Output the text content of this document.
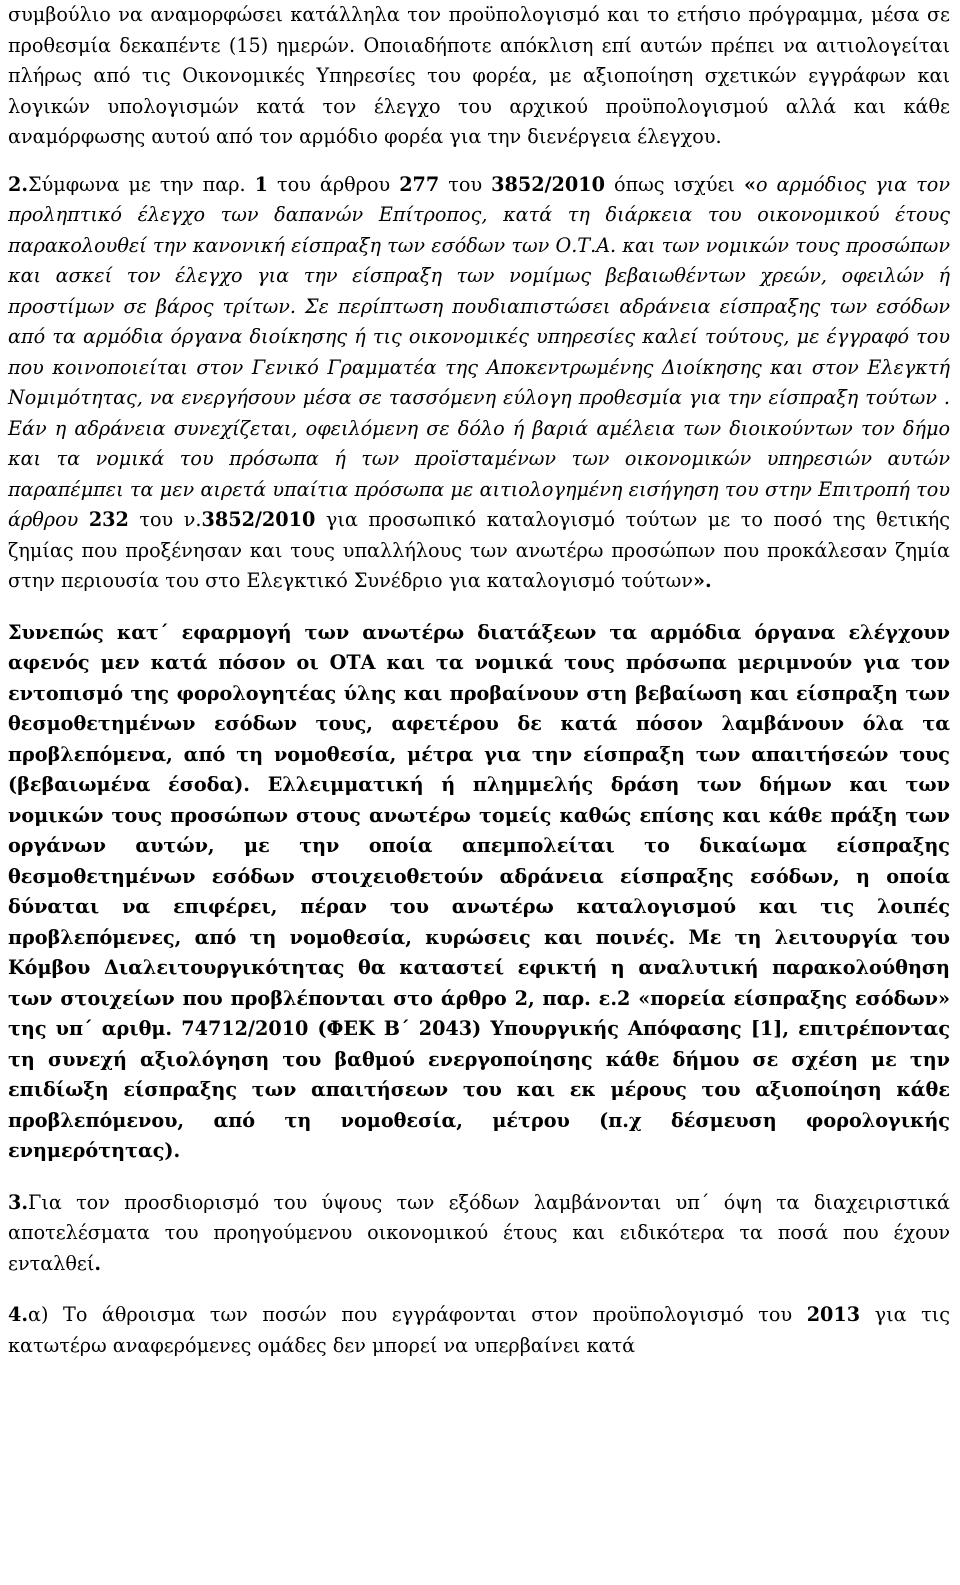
συμβούλιο να αναμορφώσει κατάλληλα τον προϋπολογισμό και το ετήσιο πρόγραμμα, μέσα σε προθεσμία δεκαπέντε (15) ημερών. Οποιαδήποτε απόκλιση επί αυτών πρέπει να αιτιολογείται πλήρως από τις Οικονομικές Υπηρεσίες του φορέα, με αξιοποίηση σχετικών εγγράφων και λογικών υπολογισμών κατά τον έλεγχο του αρχικού προϋπολογισμού αλλά και κάθε αναμόρφωσης αυτού από τον αρμόδιο φορέα για την διενέργεια έλεγχου.

2.Σύμφωνα με την παρ. 1 του άρθρου 277 του 3852/2010 όπως ισχύει «ο αρμόδιος για τον προληπτικό έλεγχο των δαπανών Επίτροπος, κατά τη διάρκεια του οικονομικού έτους παρακολουθεί την κανονική είσπραξη των εσόδων των Ο.Τ.Α. και των νομικών τους προσώπων και ασκεί τον έλεγχο για την είσπραξη των νομίμως βεβαιωθέντων χρεών, οφειλών ή προστίμων σε βάρος τρίτων. Σε περίπτωση πουδιαπιστώσει αδράνεια είσπραξης των εσόδων από τα αρμόδια όργανα διοίκησης ή τις οικονομικές υπηρεσίες καλεί τούτους, με έγγραφό του που κοινοποιείται στον Γενικό Γραμματέα της Αποκεντρωμένης Διοίκησης και στον Ελεγκτή Νομιμότητας, να ενεργήσουν μέσα σε τασσόμενη εύλογη προθεσμία για την είσπραξη τούτων . Εάν η αδράνεια συνεχίζεται, οφειλόμενη σε δόλο ή βαριά αμέλεια των διοικούντων τον δήμο και τα νομικά του πρόσωπα ή των προϊσταμένων των οικονομικών υπηρεσιών αυτών παραπέμπει τα μεν αιρετά υπαίτια πρόσωπα με αιτιολογημένη εισήγηση του στην Επιτροπή του άρθρου 232 του ν.3852/2010 για προσωπικό καταλογισμό τούτων με το ποσό της θετικής ζημίας που προξένησαν και τους υπαλλήλους των ανωτέρω προσώπων που προκάλεσαν ζημία στην περιουσία του στο Ελεγκτικό Συνέδριο για καταλογισμό τούτων».

Συνεπώς κατ΄ εφαρμογή των ανωτέρω διατάξεων τα αρμόδια όργανα ελέγχουν αφενός μεν κατά πόσον οι ΟΤΑ και τα νομικά τους πρόσωπα μεριμνούν για τον εντοπισμό της φορολογητέας ύλης και προβαίνουν στη βεβαίωση και είσπραξη των θεσμοθετημένων εσόδων τους, αφετέρου δε κατά πόσον λαμβάνουν όλα τα προβλεπόμενα, από τη νομοθεσία, μέτρα για την είσπραξη των απαιτήσεών τους (βεβαιωμένα έσοδα). Ελλειμματική ή πλημμελής δράση των δήμων και των νομικών τους προσώπων στους ανωτέρω τομείς καθώς επίσης και κάθε πράξη των οργάνων αυτών, με την οποία απεμπολείται το δικαίωμα είσπραξης θεσμοθετημένων εσόδων στοιχειοθετούν αδράνεια είσπραξης εσόδων, η οποία δύναται να επιφέρει, πέραν του ανωτέρω καταλογισμού και τις λοιπές προβλεπόμενες, από τη νομοθεσία, κυρώσεις και ποινές. Με τη λειτουργία του Κόμβου Διαλειτουργικότητας θα καταστεί εφικτή η αναλυτική παρακολούθηση των στοιχείων που προβλέπονται στο άρθρο 2, παρ. ε.2 «πορεία είσπραξης εσόδων» της υπ΄ αριθμ. 74712/2010 (ΦΕΚ Β΄ 2043) Υπουργικής Απόφασης [1], επιτρέποντας τη συνεχή αξιολόγηση του βαθμού ενεργοποίησης κάθε δήμου σε σχέση με την επιδίωξη είσπραξης των απαιτήσεων του και εκ μέρους του αξιοποίηση κάθε προβλεπόμενου, από τη νομοθεσία, μέτρου (π.χ δέσμευση φορολογικής ενημερότητας).

3.Για τον προσδιορισμό του ύψους των εξόδων λαμβάνονται υπ΄ όψη τα διαχειριστικά αποτελέσματα του προηγούμενου οικονομικού έτους και ειδικότερα τα ποσά που έχουν ενταλθεί.

4.α) Το άθροισμα των ποσών που εγγράφονται στον προϋπολογισμό του 2013 για τις κατωτέρω αναφερόμενες ομάδες δεν μπορεί να υπερβαίνει κατά
